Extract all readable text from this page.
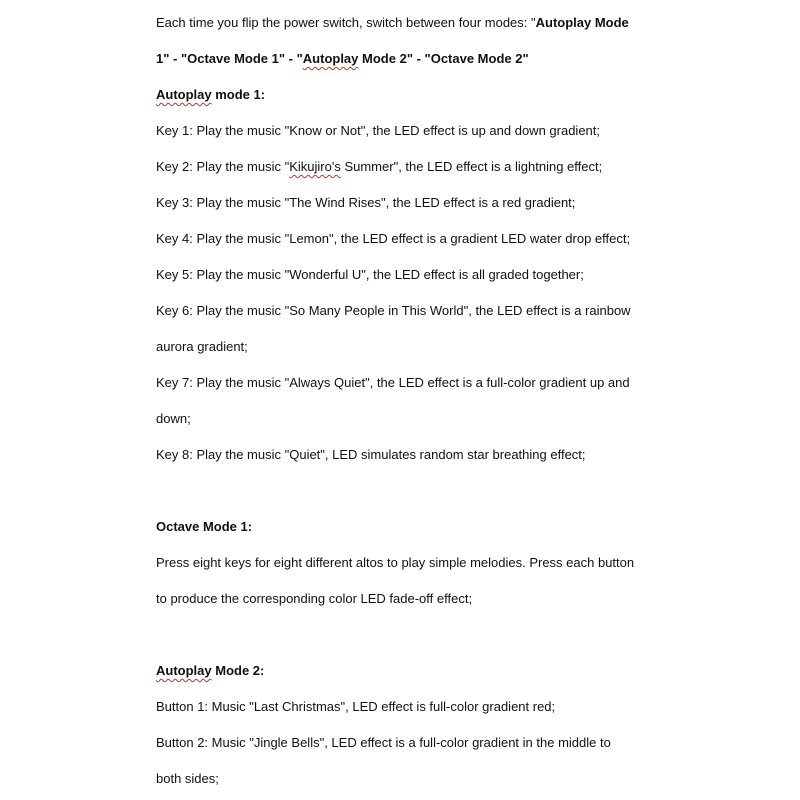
Each time you flip the power switch, switch between four modes: "Autoplay Mode
1" - "Octave Mode 1" - "Autoplay Mode 2" - "Octave Mode 2"
Autoplay mode 1:
Key 1: Play the music "Know or Not", the LED effect is up and down gradient;
Key 2: Play the music "Kikujiro's Summer", the LED effect is a lightning effect;
Key 3: Play the music "The Wind Rises", the LED effect is a red gradient;
Key 4: Play the music "Lemon", the LED effect is a gradient LED water drop effect;
Key 5: Play the music "Wonderful U", the LED effect is all graded together;
Key 6: Play the music "So Many People in This World", the LED effect is a rainbow
aurora gradient;
Key 7: Play the music "Always Quiet", the LED effect is a full-color gradient up and
down;
Key 8: Play the music "Quiet", LED simulates random star breathing effect;
Octave Mode 1:
Press eight keys for eight different altos to play simple melodies. Press each button
to produce the corresponding color LED fade-off effect;
Autoplay Mode 2:
Button 1: Music "Last Christmas", LED effect is full-color gradient red;
Button 2: Music "Jingle Bells", LED effect is a full-color gradient in the middle to
both sides;
